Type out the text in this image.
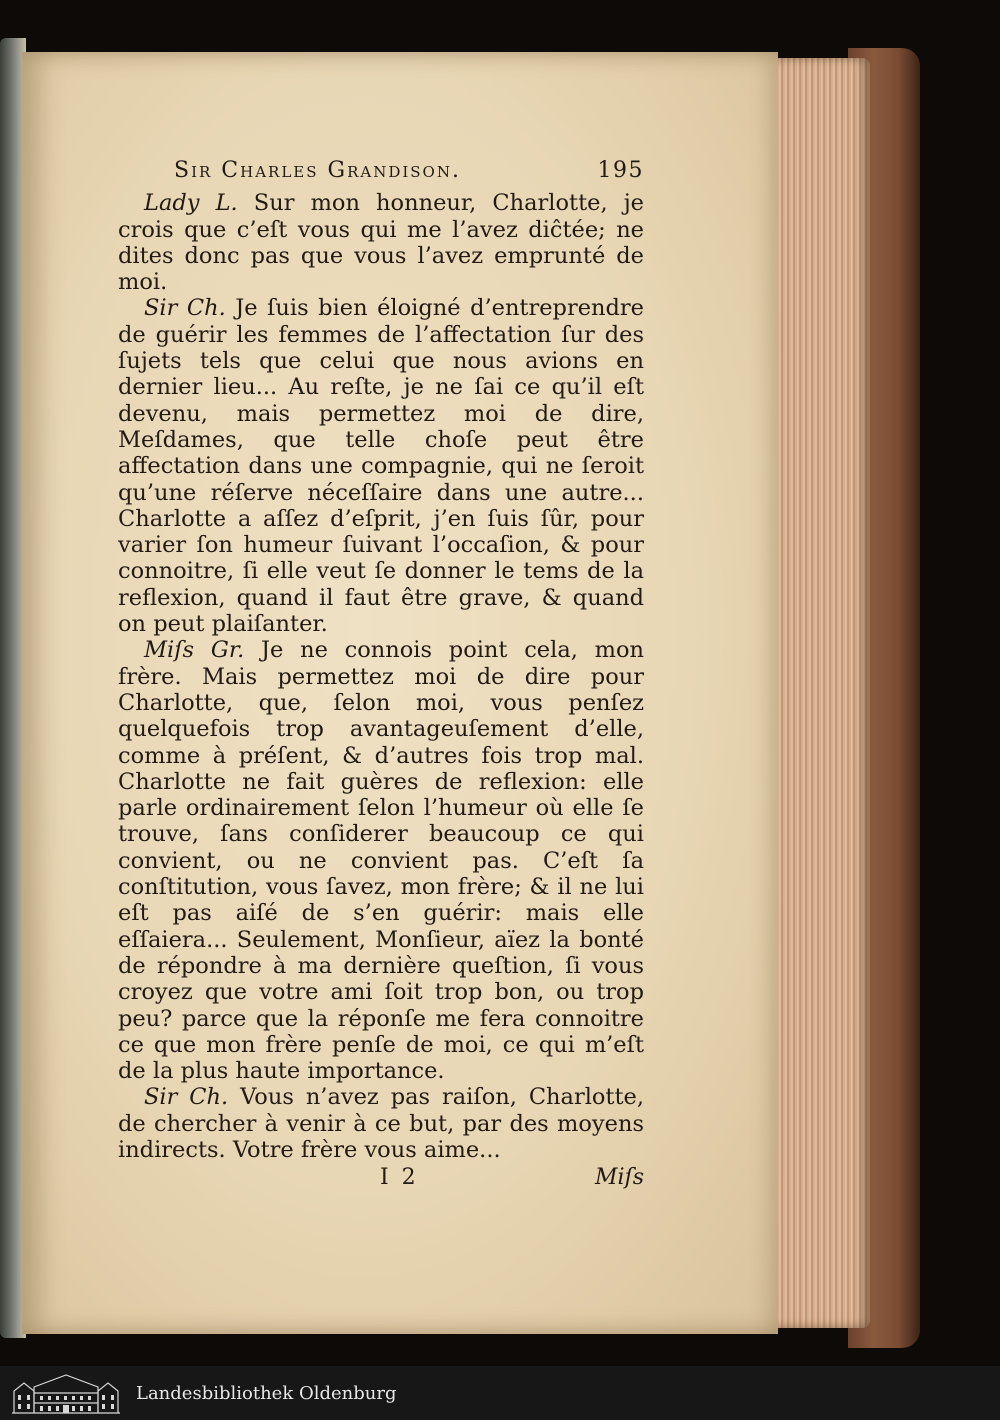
Sir Charles Grandison.	195

Lady L. Sur mon honneur, Charlotte, je crois que c’eſt vous qui me l’avez diĉtée; ne dites donc pas que vous l’avez emprunté de moi.

Sir Ch. Je ſuis bien éloigné d’entreprendre de guérir les femmes de l’affectation ſur des ſujets tels que celui que nous avions en dernier lieu... Au reſte, je ne ſai ce qu’il eſt devenu, mais permettez moi de dire, Meſdames, que telle choſe peut être affectation dans une compagnie, qui ne ſeroit qu’une réſerve néceſſaire dans une autre... Charlotte a aſſez d’eſprit, j’en ſuis ſûr, pour varier ſon humeur ſuivant l’occaſion, & pour connoitre, ſi elle veut ſe donner le tems de la reflexion, quand il faut être grave, & quand on peut plaiſanter.

Miſs Gr. Je ne connois point cela, mon frère. Mais permettez moi de dire pour Charlotte, que, ſelon moi, vous penſez quelquefois trop avantageuſement d’elle, comme à préſent, & d’autres fois trop mal. Charlotte ne fait guères de reflexion: elle parle ordinairement ſelon l’humeur où elle ſe trouve, ſans conſiderer beaucoup ce qui convient, ou ne convient pas. C’eſt ſa conſtitution, vous ſavez, mon frère; & il ne lui eſt pas aiſé de s’en guérir: mais elle eſſaiera... Seulement, Monſieur, aïez la bonté de répondre à ma dernière queſtion, ſi vous croyez que votre ami ſoit trop bon, ou trop peu? parce que la réponſe me fera connoitre ce que mon frère penſe de moi, ce qui m’eſt de la plus haute importance.

Sir Ch. Vous n’avez pas raiſon, Charlotte, de chercher à venir à ce but, par des moyens indirects. Votre frère vous aime...

I 2	Miſs
Landesbibliothek Oldenburg
